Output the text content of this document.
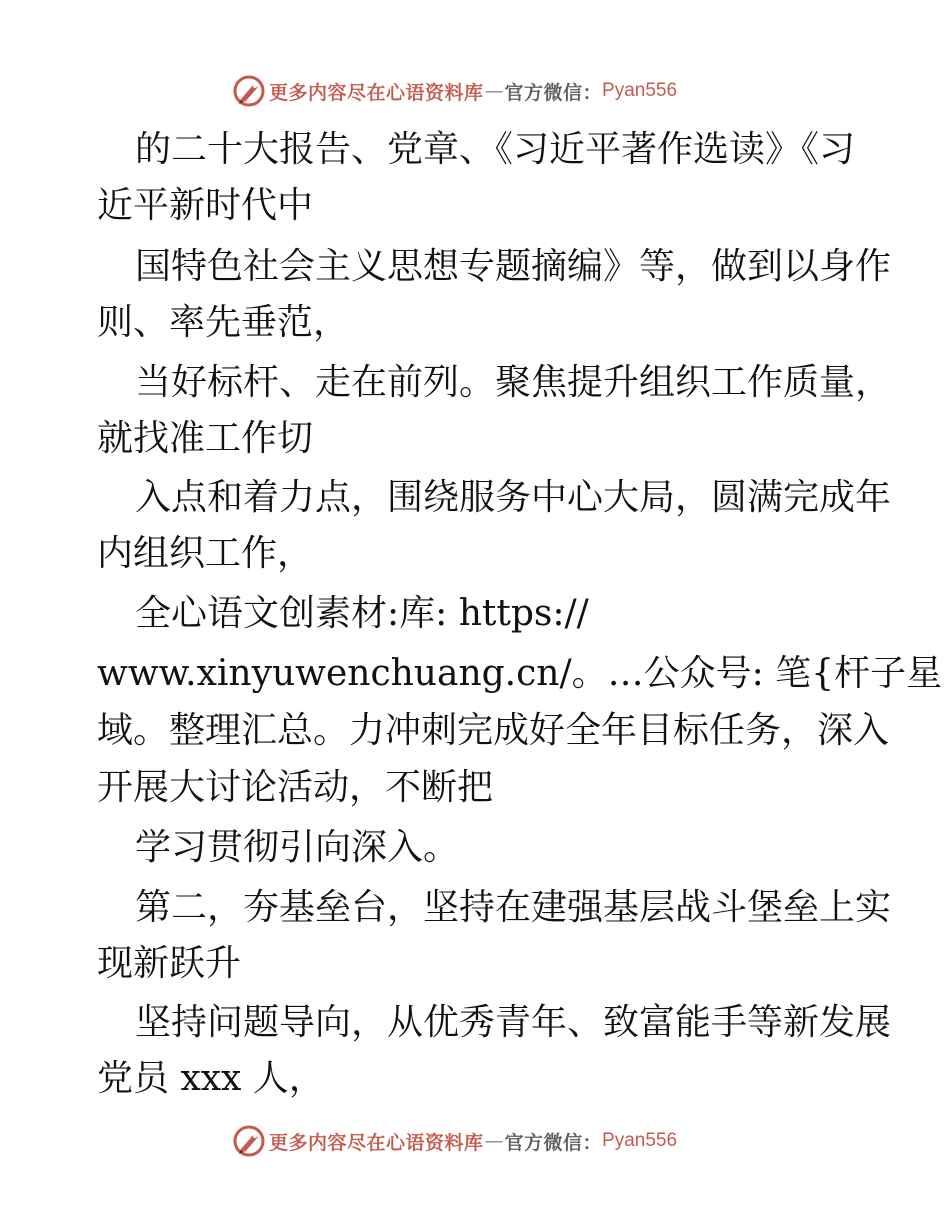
更多内容尽在心语资料库 — 官方微信： Pyan556
的二十大报告、党章、《习近平著作选读》《习
近平新时代中
国特色社会主义思想专题摘编》等，做到以身作
则、率先垂范，
当好标杆、走在前列。聚焦提升组织工作质量，
就找准工作切
入点和着力点，围绕服务中心大局，圆满完成年
内组织工作，
全心语文创素材:库: https://
www.xinyuwenchuang.cn/。…公众号: 笔{杆子星
域。整理汇总。力冲刺完成好全年目标任务，深入
开展大讨论活动，不断把
学习贯彻引向深入。
第二，夯基垒台，坚持在建强基层战斗堡垒上实
现新跃升
坚持问题导向，从优秀青年、致富能手等新发展
党员 xxx 人，
更多内容尽在心语资料库 — 官方微信： Pyan556
